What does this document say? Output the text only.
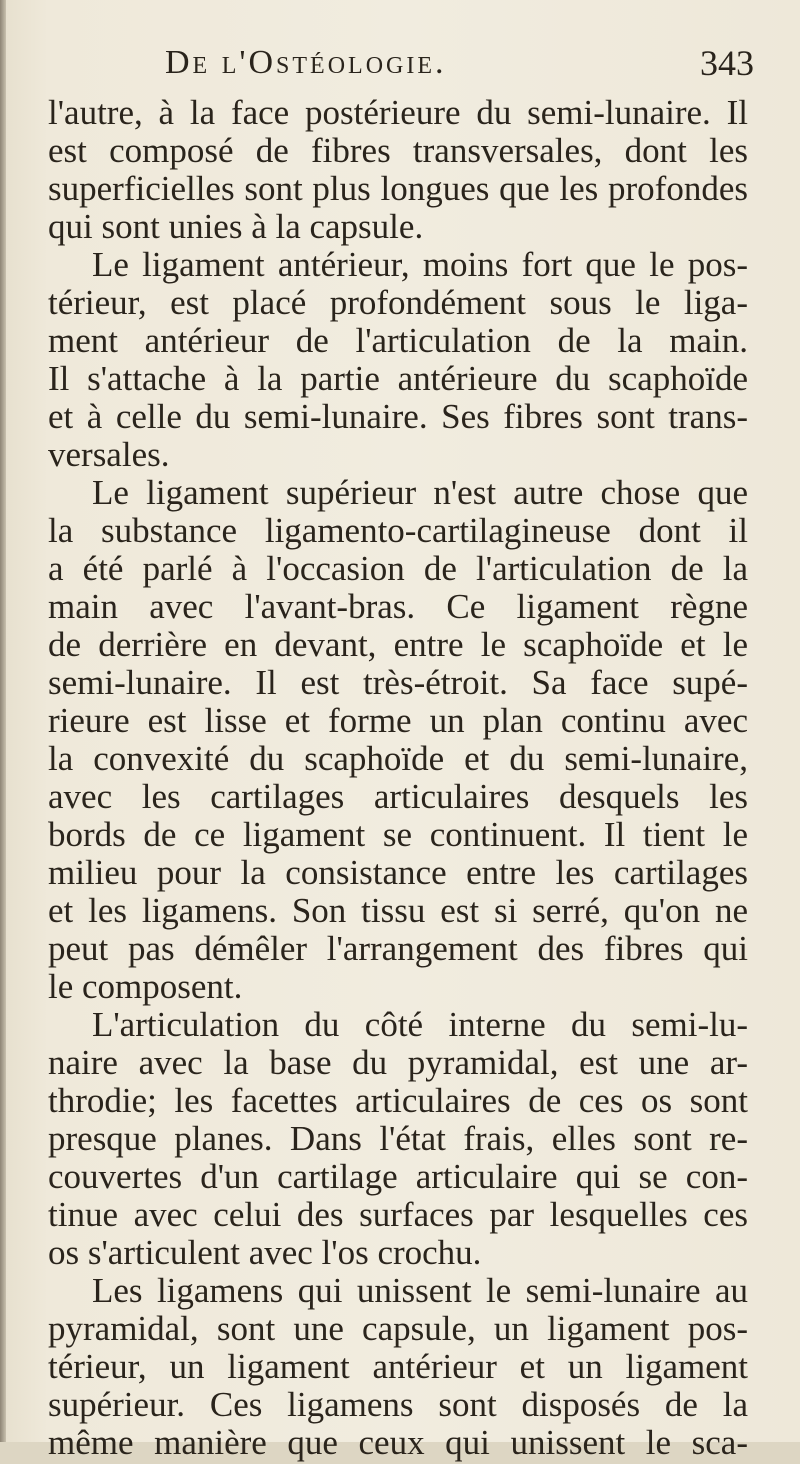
De l'Ostéologie.	343
l'autre, à la face postérieure du semi-lunaire. Il
est composé de fibres transversales, dont les
superficielles sont plus longues que les profondes
qui sont unies à la capsule.
Le ligament antérieur, moins fort que le pos-
térieur, est placé profondément sous le liga-
ment antérieur de l'articulation de la main.
Il s'attache à la partie antérieure du scaphoïde
et à celle du semi-lunaire. Ses fibres sont trans-
versales.
Le ligament supérieur n'est autre chose que
la substance ligamento-cartilagineuse dont il
a été parlé à l'occasion de l'articulation de la
main avec l'avant-bras. Ce ligament règne
de derrière en devant, entre le scaphoïde et le
semi-lunaire. Il est très-étroit. Sa face supé-
rieure est lisse et forme un plan continu avec
la convexité du scaphoïde et du semi-lunaire,
avec les cartilages articulaires desquels les
bords de ce ligament se continuent. Il tient le
milieu pour la consistance entre les cartilages
et les ligamens. Son tissu est si serré, qu'on ne
peut pas démêler l'arrangement des fibres qui
le composent.
L'articulation du côté interne du semi-lu-
naire avec la base du pyramidal, est une ar-
throdie; les facettes articulaires de ces os sont
presque planes. Dans l'état frais, elles sont re-
couvertes d'un cartilage articulaire qui se con-
tinue avec celui des surfaces par lesquelles ces
os s'articulent avec l'os crochu.
Les ligamens qui unissent le semi-lunaire au
pyramidal, sont une capsule, un ligament pos-
térieur, un ligament antérieur et un ligament
supérieur. Ces ligamens sont disposés de la
même manière que ceux qui unissent le sca-
